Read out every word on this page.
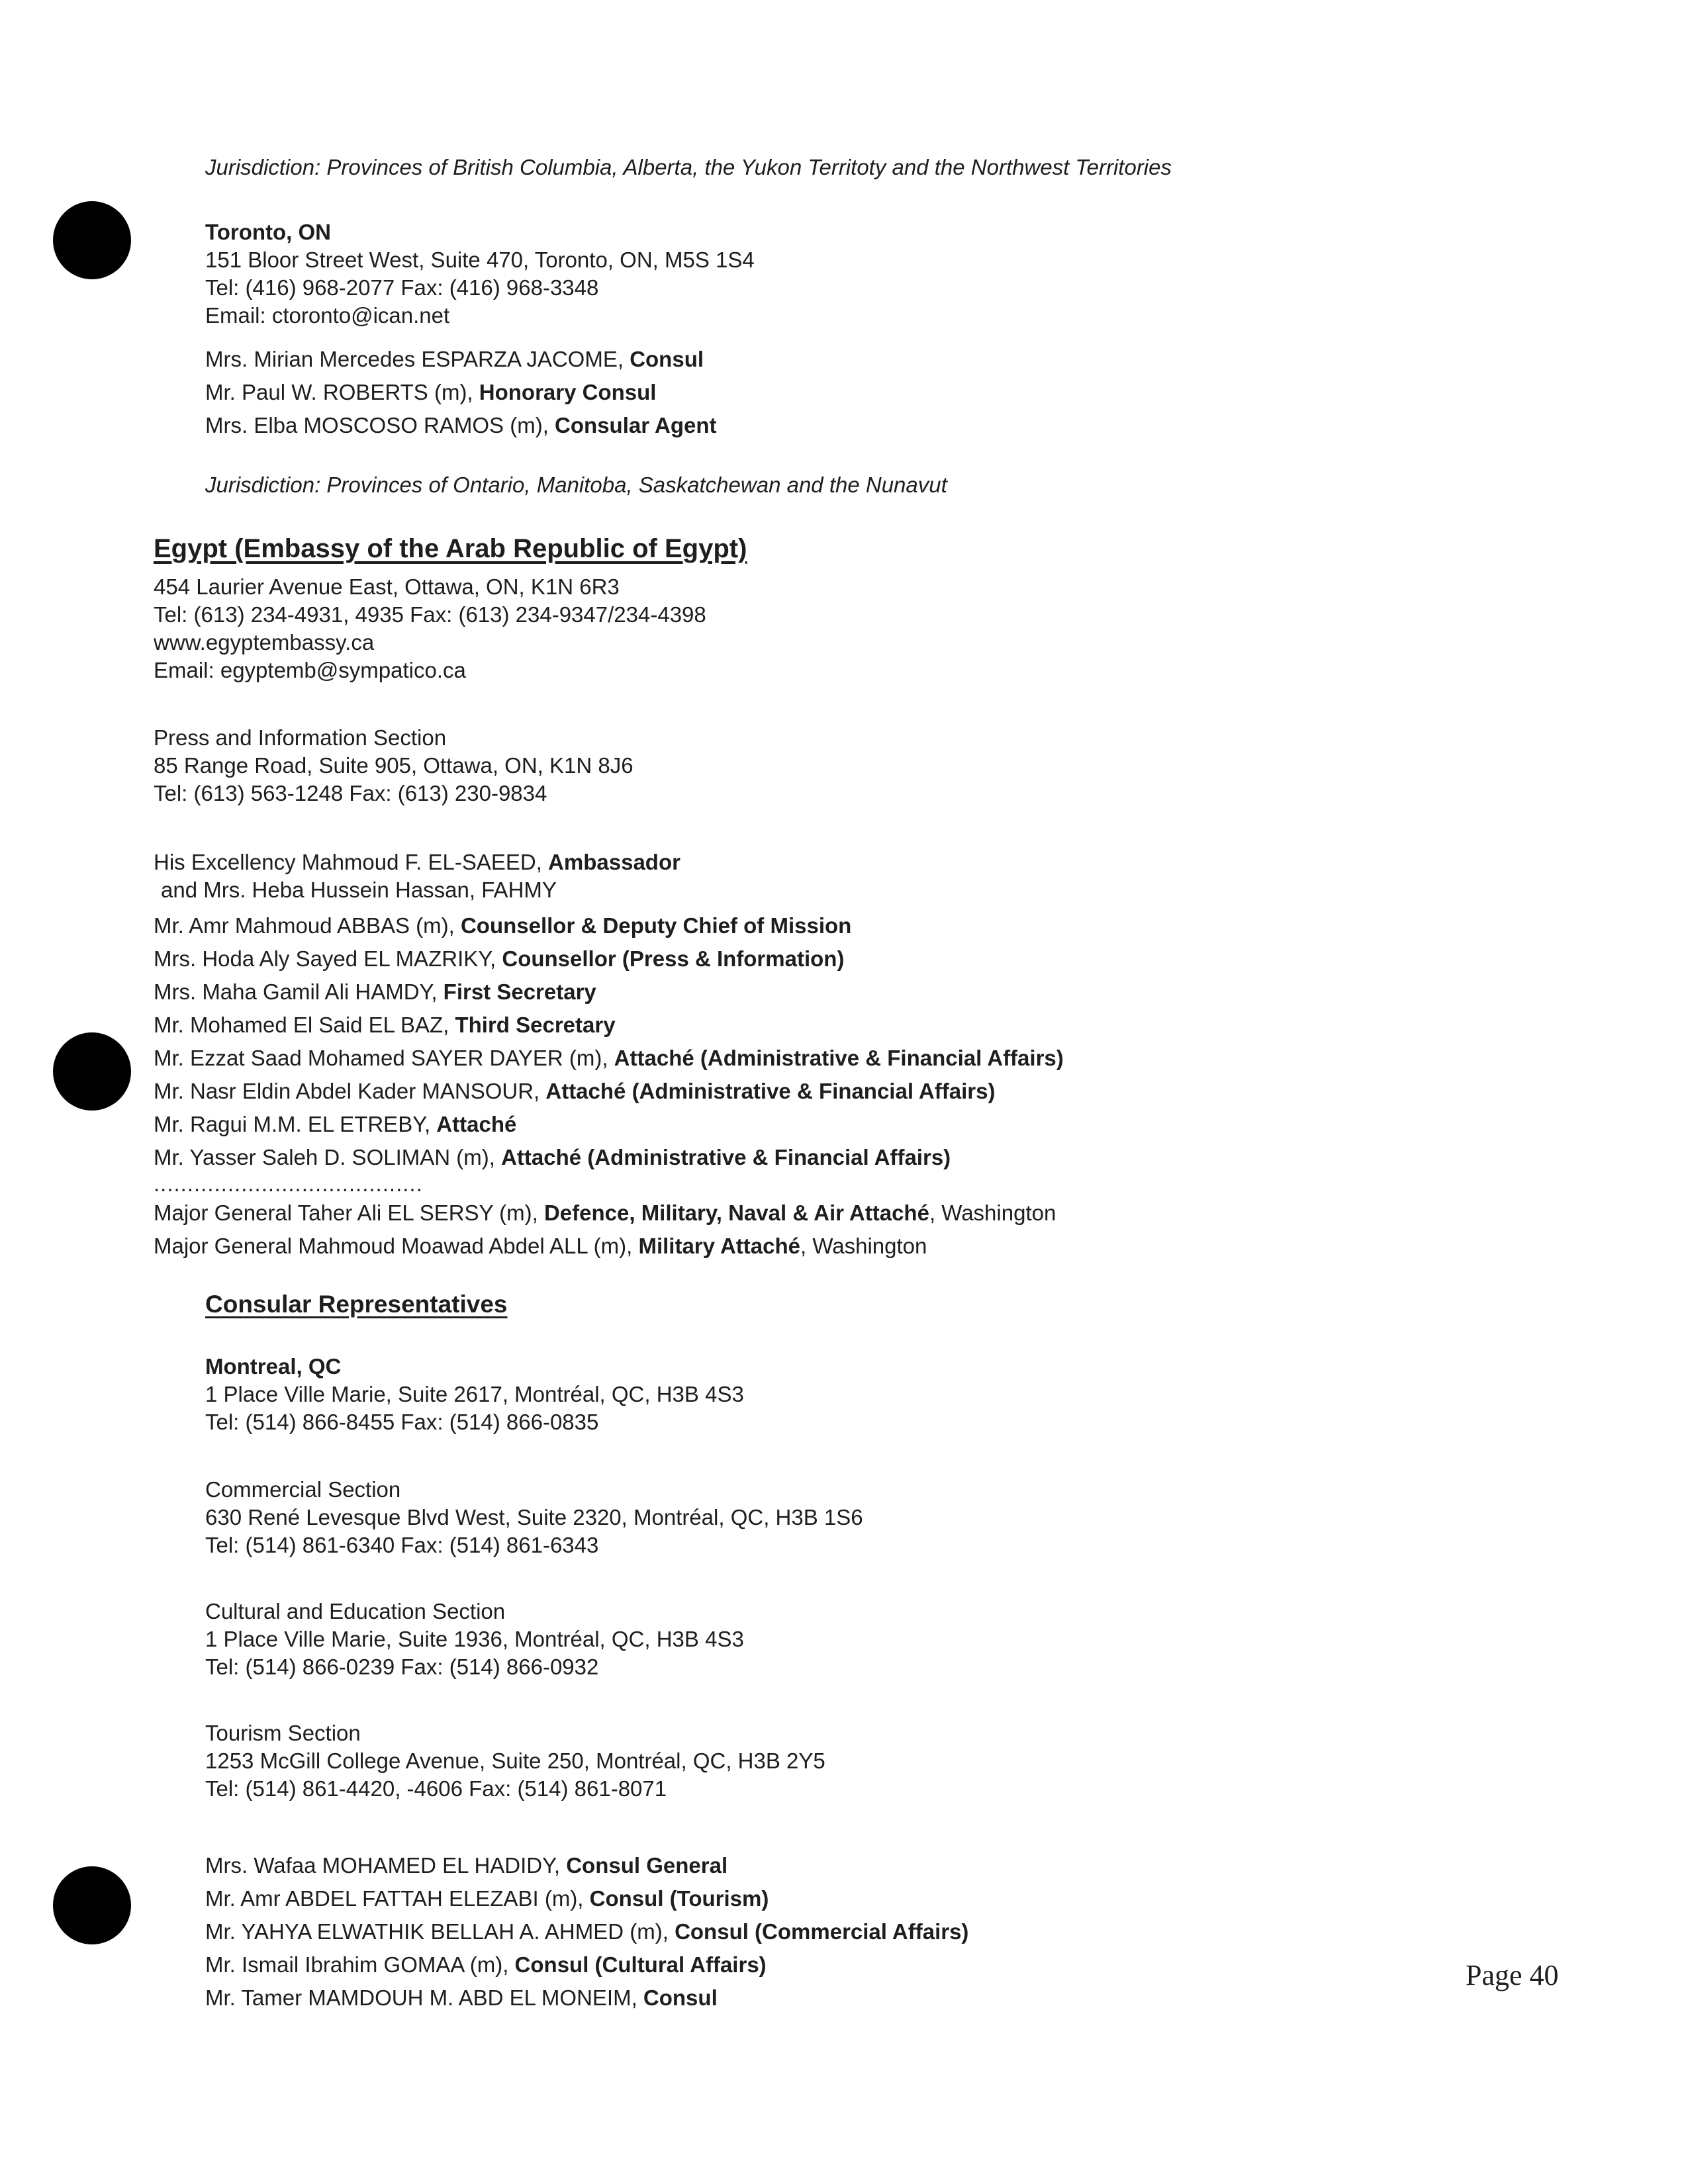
Jurisdiction: Provinces of British Columbia, Alberta, the Yukon Territoty and the Northwest Territories
Toronto, ON
151 Bloor Street West, Suite 470, Toronto, ON, M5S 1S4
Tel: (416) 968-2077 Fax: (416) 968-3348
Email: ctoronto@ican.net
Mrs. Mirian Mercedes ESPARZA JACOME, Consul
Mr. Paul W. ROBERTS (m), Honorary Consul
Mrs. Elba MOSCOSO RAMOS (m), Consular Agent
Jurisdiction: Provinces of Ontario, Manitoba, Saskatchewan and the Nunavut
Egypt (Embassy of the Arab Republic of Egypt)
454 Laurier Avenue East, Ottawa, ON, K1N 6R3
Tel: (613) 234-4931, 4935 Fax: (613) 234-9347/234-4398
www.egyptembassy.ca
Email: egyptemb@sympatico.ca
Press and Information Section
85 Range Road, Suite 905, Ottawa, ON, K1N 8J6
Tel: (613) 563-1248 Fax: (613) 230-9834
His Excellency Mahmoud F. EL-SAEED, Ambassador
and Mrs. Heba Hussein Hassan, FAHMY
Mr. Amr Mahmoud ABBAS (m), Counsellor & Deputy Chief of Mission
Mrs. Hoda Aly Sayed EL MAZRIKY, Counsellor (Press & Information)
Mrs. Maha Gamil Ali HAMDY, First Secretary
Mr. Mohamed El Said EL BAZ, Third Secretary
Mr. Ezzat Saad Mohamed SAYER DAYER (m), Attaché (Administrative & Financial Affairs)
Mr. Nasr Eldin Abdel Kader MANSOUR, Attaché (Administrative & Financial Affairs)
Mr. Ragui M.M. EL ETREBY, Attaché
Mr. Yasser Saleh D. SOLIMAN (m), Attaché (Administrative & Financial Affairs)
........................................
Major General Taher Ali EL SERSY (m), Defence, Military, Naval & Air Attaché, Washington
Major General Mahmoud Moawad Abdel ALL (m), Military Attaché, Washington
Consular Representatives
Montreal, QC
1 Place Ville Marie, Suite 2617, Montréal, QC, H3B 4S3
Tel: (514) 866-8455 Fax: (514) 866-0835
Commercial Section
630 René Levesque Blvd West, Suite 2320, Montréal, QC, H3B 1S6
Tel: (514) 861-6340 Fax: (514) 861-6343
Cultural and Education Section
1 Place Ville Marie, Suite 1936, Montréal, QC, H3B 4S3
Tel: (514) 866-0239 Fax: (514) 866-0932
Tourism Section
1253 McGill College Avenue, Suite 250, Montréal, QC, H3B 2Y5
Tel: (514) 861-4420, -4606 Fax: (514) 861-8071
Mrs. Wafaa MOHAMED EL HADIDY, Consul General
Mr. Amr ABDEL FATTAH ELEZABI (m), Consul (Tourism)
Mr. YAHYA ELWATHIK BELLAH A. AHMED (m), Consul (Commercial Affairs)
Mr. Ismail Ibrahim GOMAA (m), Consul (Cultural Affairs)
Mr. Tamer MAMDOUH M. ABD EL MONEIM, Consul
Page 40
